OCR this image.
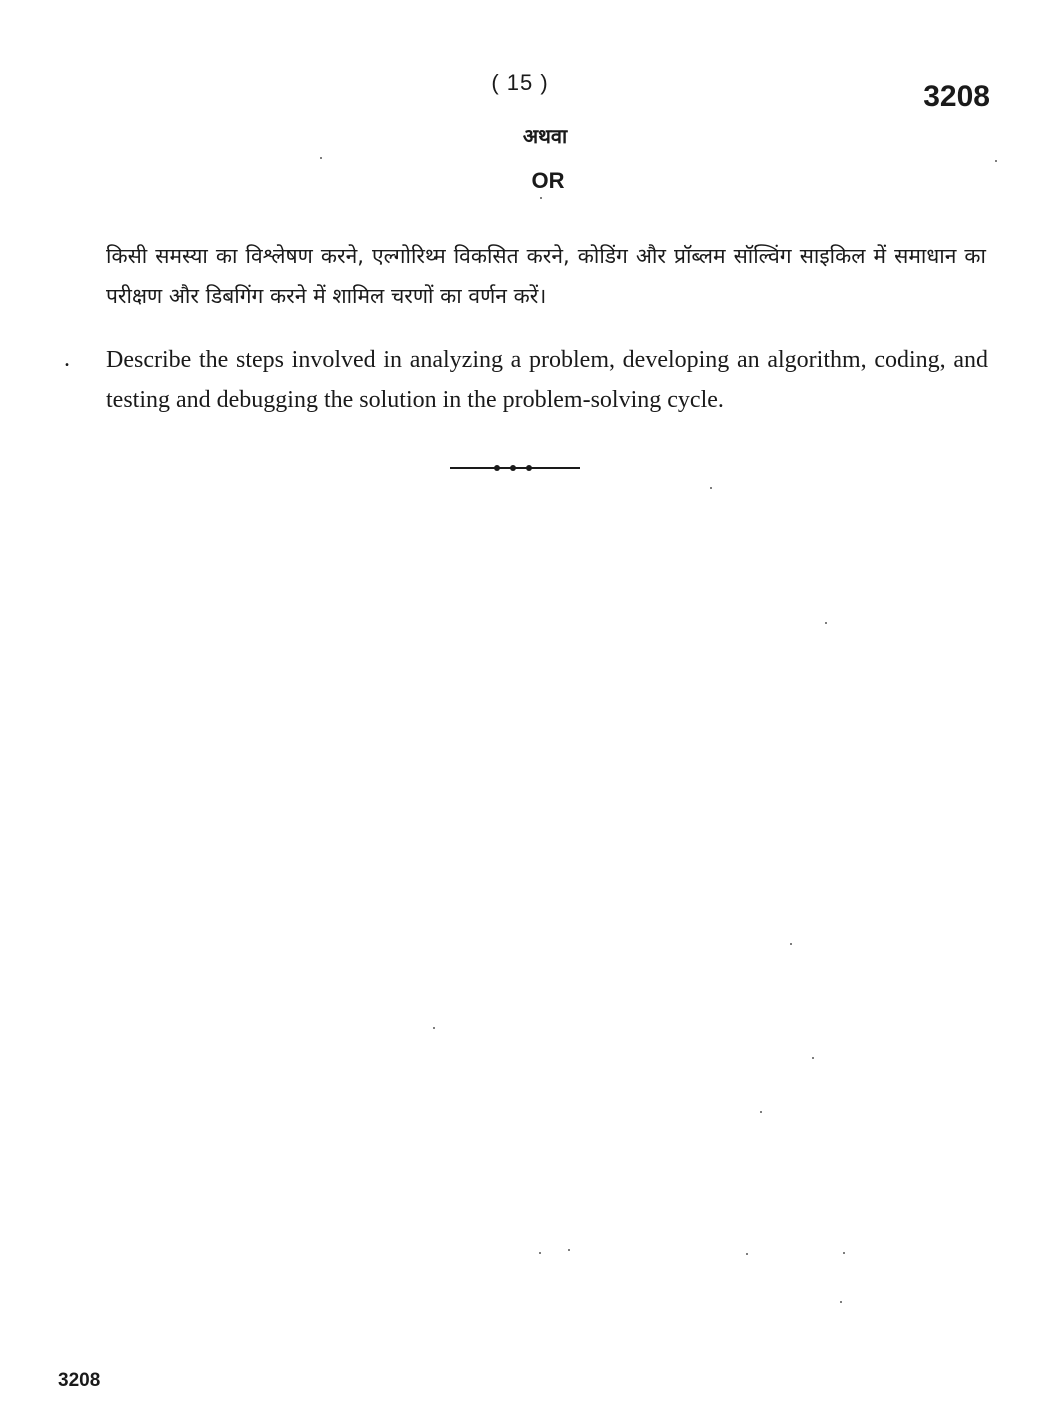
( 15 )	3208
अथवा
OR
किसी समस्या का विश्लेषण करने, एल्गोरिथ्म विकसित करने, कोडिंग और प्रॉब्लम सॉल्विंग साइकिल में समाधान का परीक्षण और डिबगिंग करने में शामिल चरणों का वर्णन करें।
. Describe the steps involved in analyzing a problem, developing an algorithm, coding, and testing and debugging the solution in the problem-solving cycle.
3208
